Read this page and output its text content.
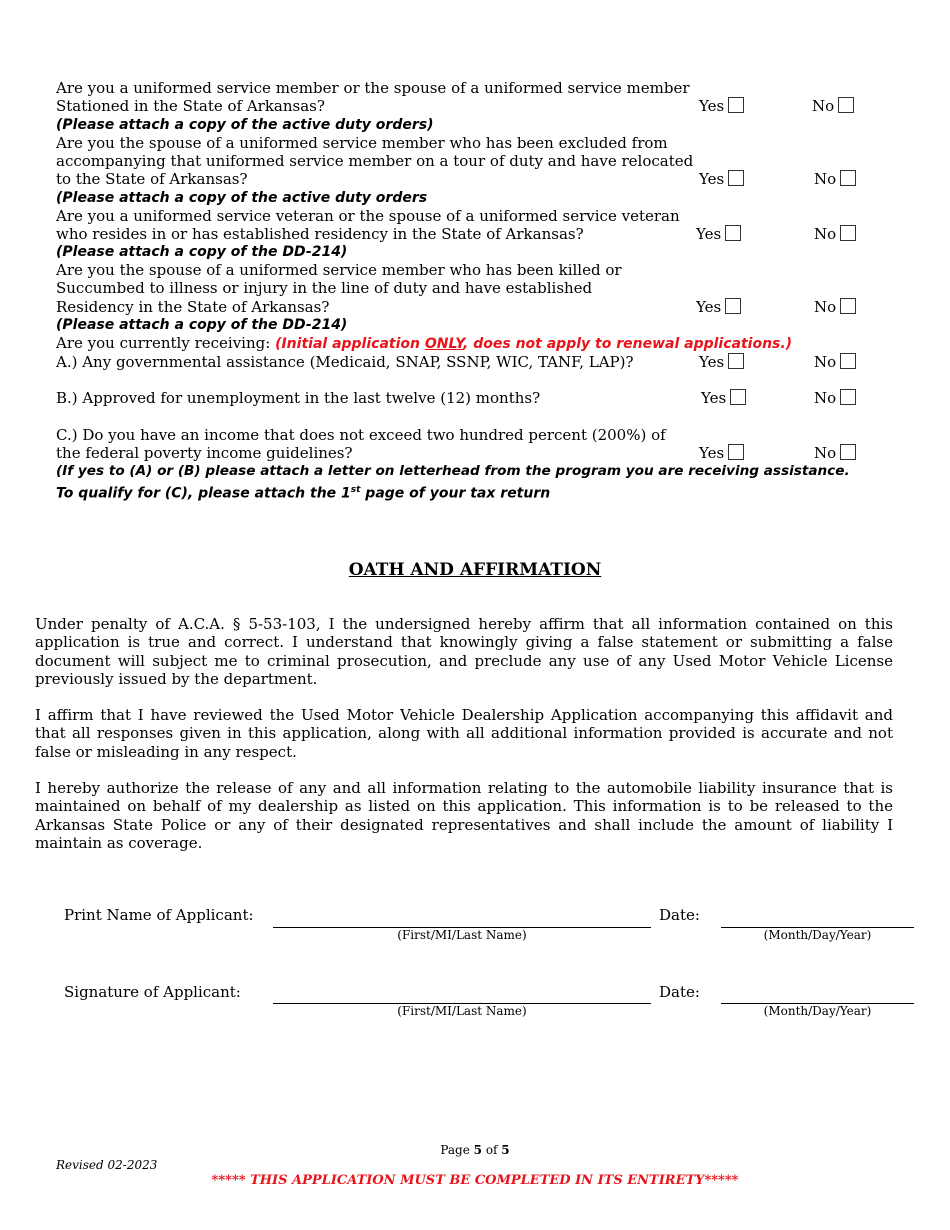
Are you a uniformed service member or the spouse of a uniformed service member
Stationed in the State of Arkansas?	Yes	No
(Please attach a copy of the active duty orders)
Are you the spouse of a uniformed service member who has been excluded from
accompanying that uniformed service member on a tour of duty and have relocated
to the State of Arkansas?	Yes	No
(Please attach a copy of the active duty orders
Are you a uniformed service veteran or the spouse of a uniformed service veteran
who resides in or has established residency in the State of Arkansas?	Yes	No
(Please attach a copy of the DD-214)
Are you the spouse of a uniformed service member who has been killed or
Succumbed to illness or injury in the line of duty and have established
Residency in the State of Arkansas?	Yes	No
(Please attach a copy of the DD-214)
Are you currently receiving: (Initial application ONLY, does not apply to renewal applications.)
A.) Any governmental assistance (Medicaid, SNAP, SSNP, WIC, TANF, LAP)?	Yes	No
B.) Approved for unemployment in the last twelve (12) months?	Yes	No
C.) Do you have an income that does not exceed two hundred percent (200%) of
the federal poverty income guidelines?	Yes	No
(If yes to (A) or (B) please attach a letter on letterhead from the program you are receiving assistance.
To qualify for (C), please attach the 1st page of your tax return
OATH AND AFFIRMATION
Under penalty of A.C.A. § 5-53-103, I the undersigned hereby affirm that all information contained on this application is true and correct. I understand that knowingly giving a false statement or submitting a false document will subject me to criminal prosecution, and preclude any use of any Used Motor Vehicle License previously issued by the department.
I affirm that I have reviewed the Used Motor Vehicle Dealership Application accompanying this affidavit and that all responses given in this application, along with all additional information provided is accurate and not false or misleading in any respect.
I hereby authorize the release of any and all information relating to the automobile liability insurance that is maintained on behalf of my dealership as listed on this application. This information is to be released to the Arkansas State Police or any of their designated representatives and shall include the amount of liability I maintain as coverage.
Print Name of Applicant:
(First/MI/Last Name)
Date:
(Month/Day/Year)
Signature of Applicant:
(First/MI/Last Name)
Date:
(Month/Day/Year)
Page 5 of 5
Revised 02-2023
***** THIS APPLICATION MUST BE COMPLETED IN ITS ENTIRETY*****
